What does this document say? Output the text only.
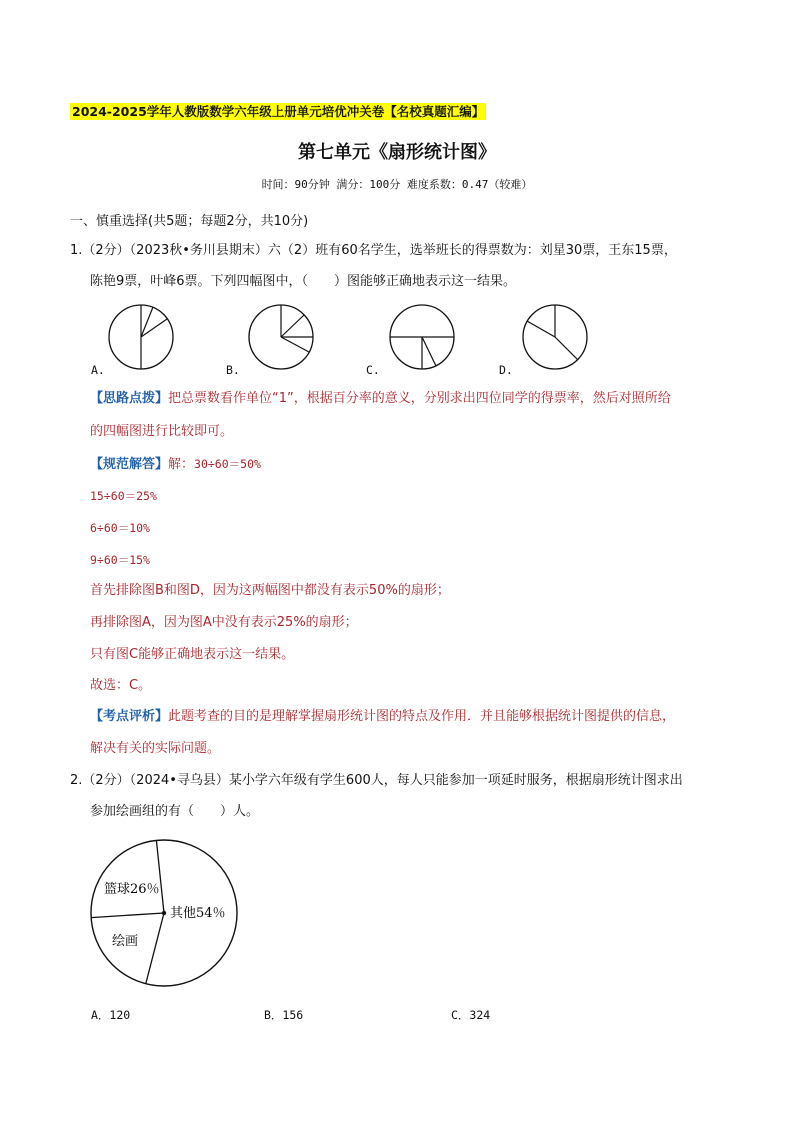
2024-2025学年人教版数学六年级上册单元培优冲关卷【名校真题汇编】
第七单元《扇形统计图》
时间：90分钟 满分：100分 难度系数：0.47（较难）
一、慎重选择(共5题；每题2分，共10分)
1.（2分）（2023秋•务川县期末）六（2）班有60名学生，选举班长的得票数为：刘星30票，王东15票，
陈艳9票，叶峰6票。下列四幅图中，（　　）图能够正确地表示这一结果。
A.	B.	C.	D.
【思路点拨】把总票数看作单位“1”，根据百分率的意义，分别求出四位同学的得票率，然后对照所给
的四幅图进行比较即可。
【规范解答】解：30÷60＝50%
15÷60＝25%
6÷60＝10%
9÷60＝15%
首先排除图B和图D，因为这两幅图中都没有表示50%的扇形；
再排除图A，因为图A中没有表示25%的扇形；
只有图C能够正确地表示这一结果。
故选：C。
【考点评析】此题考查的目的是理解掌握扇形统计图的特点及作用．并且能够根据统计图提供的信息，
解决有关的实际问题。
2.（2分）（2024•寻乌县）某小学六年级有学生600人，每人只能参加一项延时服务，根据扇形统计图求出
参加绘画组的有（　　）人。
篮球26％
其他54％
绘画
A．120	B．156	C．324
